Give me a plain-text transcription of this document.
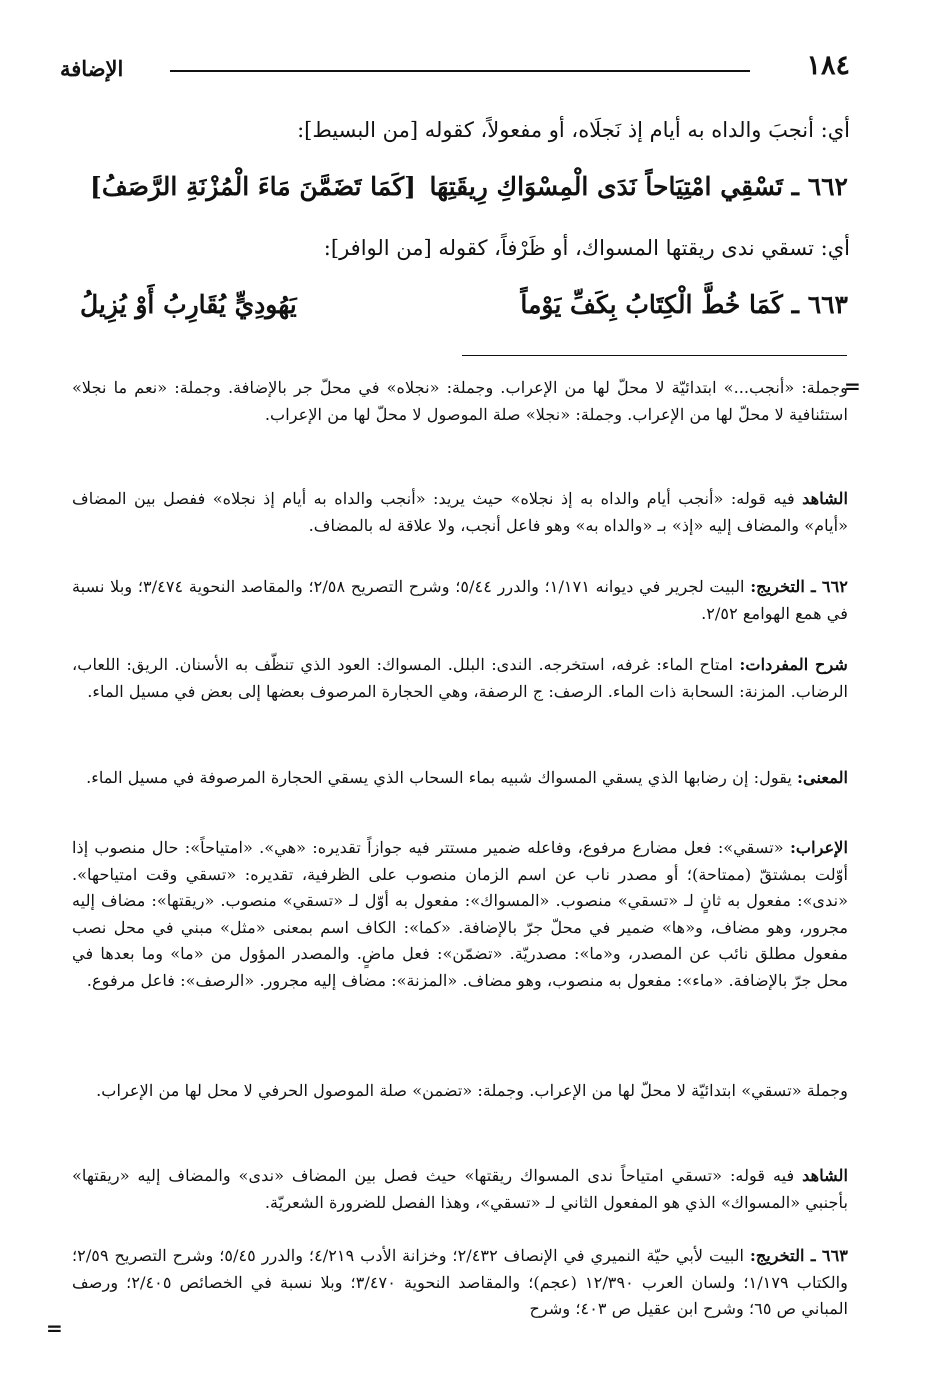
١٨٤
الإضافة
أي: أنجبَ والداه به أيام إذ نَجلَاه، أو مفعولاً، كقوله [من البسيط]:
٦٦٢ ـ تَسْقِي امْتِيَاحاً نَدَى الْمِسْوَاكِ رِيقَتِهَا
[كَمَا تَضَمَّنَ مَاءَ الْمُزْنَةِ الرَّصَفُ]
أي: تسقي ندى ريقتها المسواك، أو ظَرْفاً، كقوله [من الوافر]:
٦٦٣ ـ كَمَا خُطَّ الْكِتَابُ بِكَفِّ يَوْماً
يَهُودِيٍّ يُقَارِبُ أَوْ يُزِيلُ
=
وجملة: «أنجب...» ابتدائيّة لا محلّ لها من الإعراب. وجملة: «نجلاه» في محلّ جر بالإضافة. وجملة: «نعم ما نجلا» استئنافية لا محلّ لها من الإعراب. وجملة: «نجلا» صلة الموصول لا محلّ لها من الإعراب.
الشاهد فيه قوله: «أنجب أيام والداه به إذ نجلاه» حيث يريد: «أنجب والداه به أيام إذ نجلاه» ففصل بين المضاف «أيام» والمضاف إليه «إذ» بـ «والداه به» وهو فاعل أنجب، ولا علاقة له بالمضاف.
٦٦٢ ـ التخريج: البيت لجرير في ديوانه ١/١٧١؛ والدرر ٥/٤٤؛ وشرح التصريح ٢/٥٨؛ والمقاصد النحوية ٣/٤٧٤؛ وبلا نسبة في همع الهوامع ٢/٥٢.
شرح المفردات: امتاح الماء: غرفه، استخرجه. الندى: البلل. المسواك: العود الذي تنظّف به الأسنان. الريق: اللعاب، الرضاب. المزنة: السحابة ذات الماء. الرصف: ج الرصفة، وهي الحجارة المرصوف بعضها إلى بعض في مسيل الماء.
المعنى: يقول: إن رضابها الذي يسقي المسواك شبيه بماء السحاب الذي يسقي الحجارة المرصوفة في مسيل الماء.
الإعراب: «تسقي»: فعل مضارع مرفوع، وفاعله ضمير مستتر فيه جوازاً تقديره: «هي». «امتياحاً»: حال منصوب إذا أوّلت بمشتقّ (ممتاحة)؛ أو مصدر ناب عن اسم الزمان منصوب على الظرفية، تقديره: «تسقي وقت امتياحها». «ندى»: مفعول به ثانٍ لـ «تسقي» منصوب. «المسواك»: مفعول به أوّل لـ «تسقي» منصوب. «ريقتها»: مضاف إليه مجرور، وهو مضاف، و«ها» ضمير في محلّ جرّ بالإضافة. «كما»: الكاف اسم بمعنى «مثل» مبني في محل نصب مفعول مطلق نائب عن المصدر، و«ما»: مصدريّة. «تضمّن»: فعل ماضٍ. والمصدر المؤول من «ما» وما بعدها في محل جرّ بالإضافة. «ماء»: مفعول به منصوب، وهو مضاف. «المزنة»: مضاف إليه مجرور. «الرصف»: فاعل مرفوع.
وجملة «تسقي» ابتدائيّة لا محلّ لها من الإعراب. وجملة: «تضمن» صلة الموصول الحرفي لا محل لها من الإعراب.
الشاهد فيه قوله: «تسقي امتياحاً ندى المسواك ريقتها» حيث فصل بين المضاف «ندى» والمضاف إليه «ريقتها» بأجنبي «المسواك» الذي هو المفعول الثاني لـ «تسقي»، وهذا الفصل للضرورة الشعريّة.
٦٦٣ ـ التخريج: البيت لأبي حيّة النميري في الإنصاف ٢/٤٣٢؛ وخزانة الأدب ٤/٢١٩؛ والدرر ٥/٤٥؛ وشرح التصريح ٢/٥٩؛ والكتاب ١/١٧٩؛ ولسان العرب ١٢/٣٩٠ (عجم)؛ والمقاصد النحوية ٣/٤٧٠؛ وبلا نسبة في الخصائص ٢/٤٠٥؛ ورصف المباني ص ٦٥؛ وشرح ابن عقيل ص ٤٠٣؛ وشرح
=
